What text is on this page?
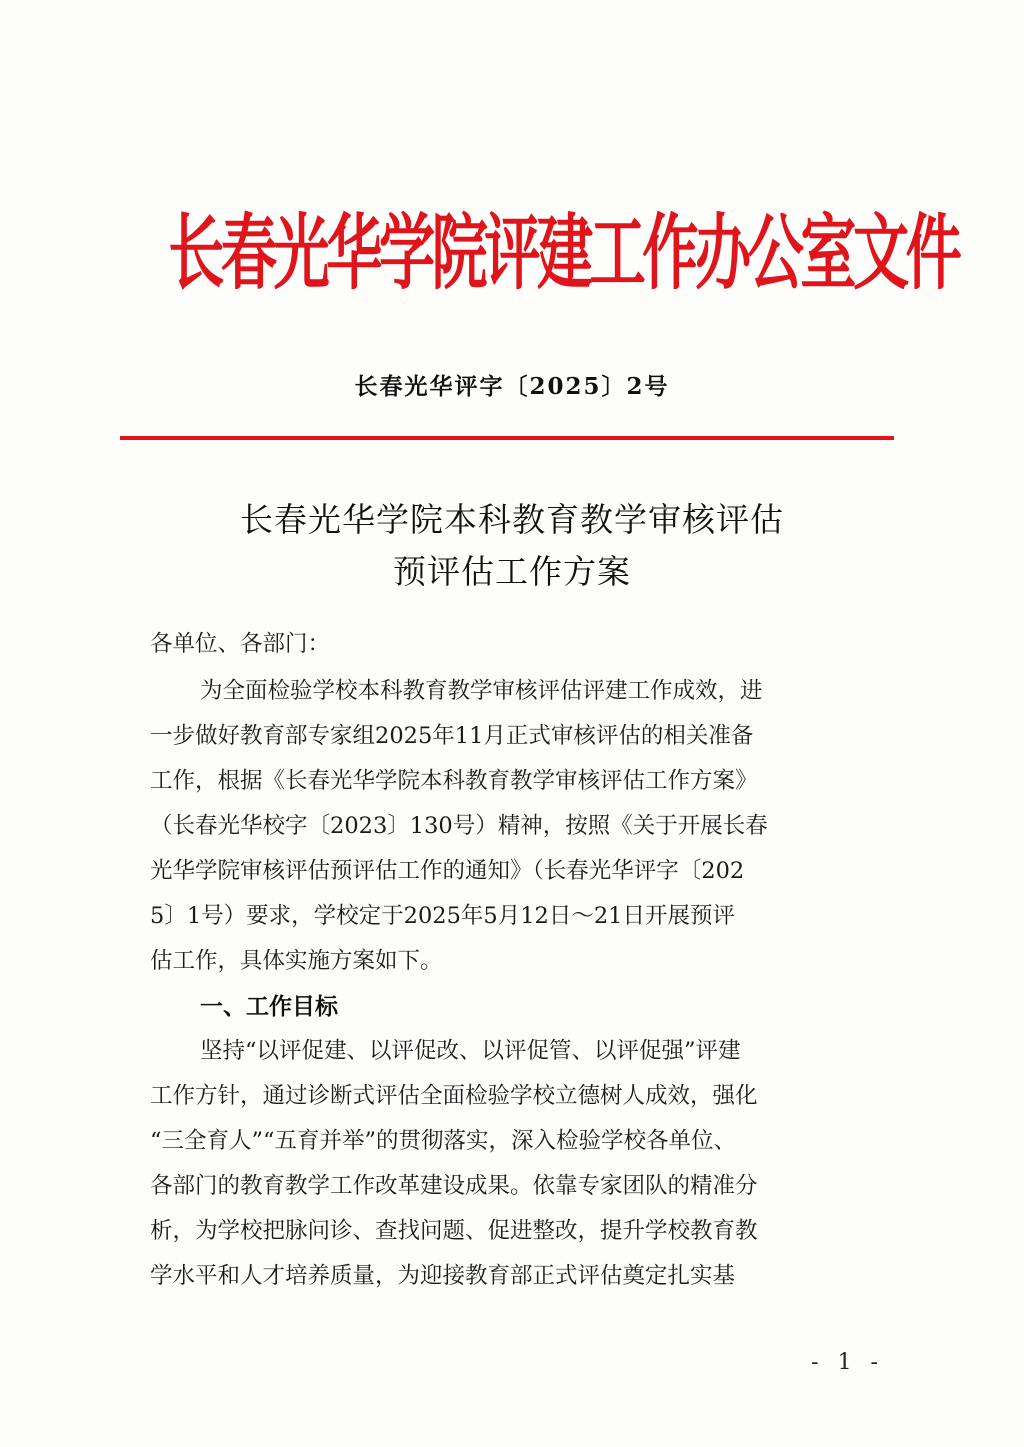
长春光华学院评建工作办公室文件
长春光华评字〔2025〕2号
长春光华学院本科教育教学审核评估
预评估工作方案
各单位、各部门：
为全面检验学校本科教育教学审核评估评建工作成效，进
一步做好教育部专家组2025年11月正式审核评估的相关准备
工作，根据《长春光华学院本科教育教学审核评估工作方案》
（长春光华校字〔2023〕130号）精神，按照《关于开展长春
光华学院审核评估预评估工作的通知》（长春光华评字〔202
5〕1号）要求，学校定于2025年5月12日～21日开展预评
估工作，具体实施方案如下。
一、工作目标
坚持“以评促建、以评促改、以评促管、以评促强”评建
工作方针，通过诊断式评估全面检验学校立德树人成效，强化
“三全育人”“五育并举”的贯彻落实，深入检验学校各单位、
各部门的教育教学工作改革建设成果。依靠专家团队的精准分
析，为学校把脉问诊、查找问题、促进整改，提升学校教育教
学水平和人才培养质量，为迎接教育部正式评估奠定扎实基
- 1 -
